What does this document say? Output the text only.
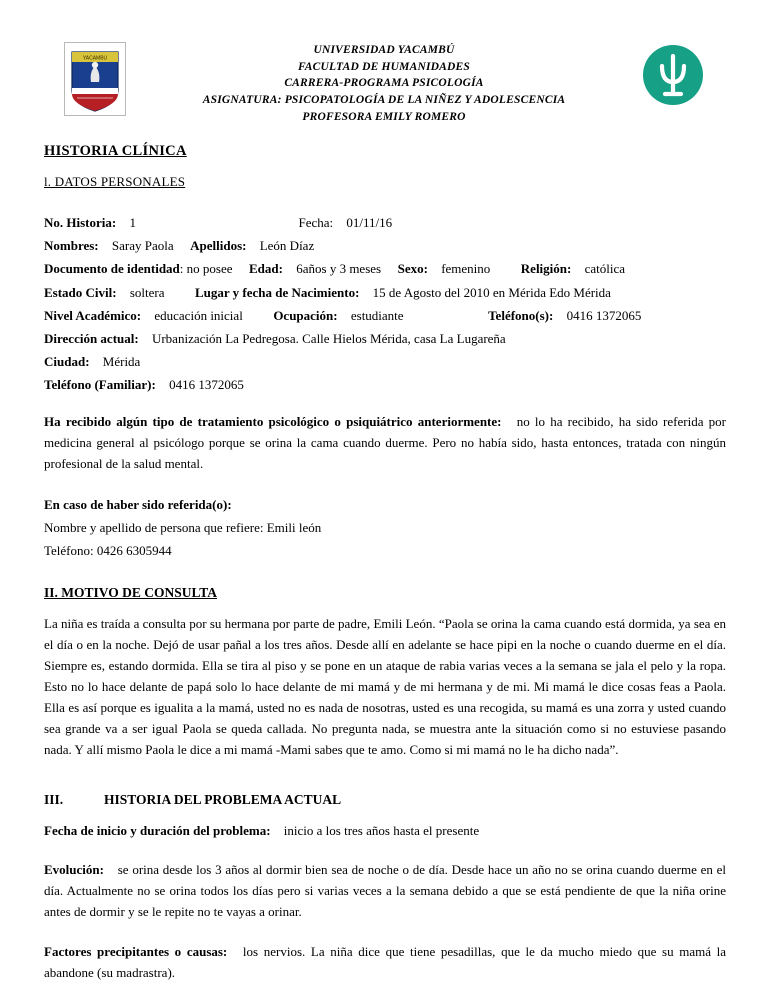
YACAMBU
UNIVERSIDAD YACAMBÚ
FACULTAD DE HUMANIDADES
CARRERA-PROGRAMA PSICOLOGÍA
ASIGNATURA: PSICOPATOLOGÍA DE LA NIÑEZ Y ADOLESCENCIA
PROFESORA EMILY ROMERO
HISTORIA CLÍNICA
l. DATOS PERSONALES
No. Historia: 1	Fecha: 01/11/16
Nombres: Saray Paola Apellidos: León Díaz
Documento de identidad: no posee Edad: 6años y 3 meses Sexo: femenino Religión: católica
Estado Civil: soltera Lugar y fecha de Nacimiento: 15 de Agosto del 2010 en Mérida Edo Mérida
Nivel Académico: educación inicial Ocupación: estudiante	Teléfono(s): 0416 1372065
Dirección actual: Urbanización La Pedregosa. Calle Hielos Mérida, casa La Lugareña
Ciudad: Mérida
Teléfono (Familiar): 0416 1372065
Ha recibido algún tipo de tratamiento psicológico o psiquiátrico anteriormente: no lo ha recibido, ha sido referida por medicina general al psicólogo porque se orina la cama cuando duerme. Pero no había sido, hasta entonces, tratada con ningún profesional de la salud mental.
En caso de haber sido referida(o):
Nombre y apellido de persona que refiere: Emili león
Teléfono: 0426 6305944
II. MOTIVO DE CONSULTA
La niña es traída a consulta por su hermana por parte de padre, Emili León. “Paola se orina la cama cuando está dormida, ya sea en el día o en la noche. Dejó de usar pañal a los tres años. Desde allí en adelante se hace pipi en la noche o cuando duerme en el día. Siempre es, estando dormida. Ella se tira al piso y se pone en un ataque de rabia varias veces a la semana se jala el pelo y la ropa. Esto no lo hace delante de papá solo lo hace delante de mi mamá y de mi hermana y de mi. Mi mamá le dice cosas feas a Paola. Ella es así porque es igualita a la mamá, usted no es nada de nosotras, usted es una recogida, su mamá es una zorra y usted cuando sea grande va a ser igual Paola se queda callada. No pregunta nada, se muestra ante la situación como si no estuviese pasando nada. Y allí mismo Paola le dice a mi mamá -Mami sabes que te amo. Como si mi mamá no le ha dicho nada”.
III.	HISTORIA DEL PROBLEMA ACTUAL
Fecha de inicio y duración del problema: inicio a los tres años hasta el presente
Evolución: se orina desde los 3 años al dormir bien sea de noche o de día. Desde hace un año no se orina cuando duerme en el día. Actualmente no se orina todos los días pero si varias veces a la semana debido a que se está pendiente de que la niña orine antes de dormir y se le repite no te vayas a orinar.
Factores precipitantes o causas: los nervios. La niña dice que tiene pesadillas, que le da mucho miedo que su mamá la abandone (su madrastra).
